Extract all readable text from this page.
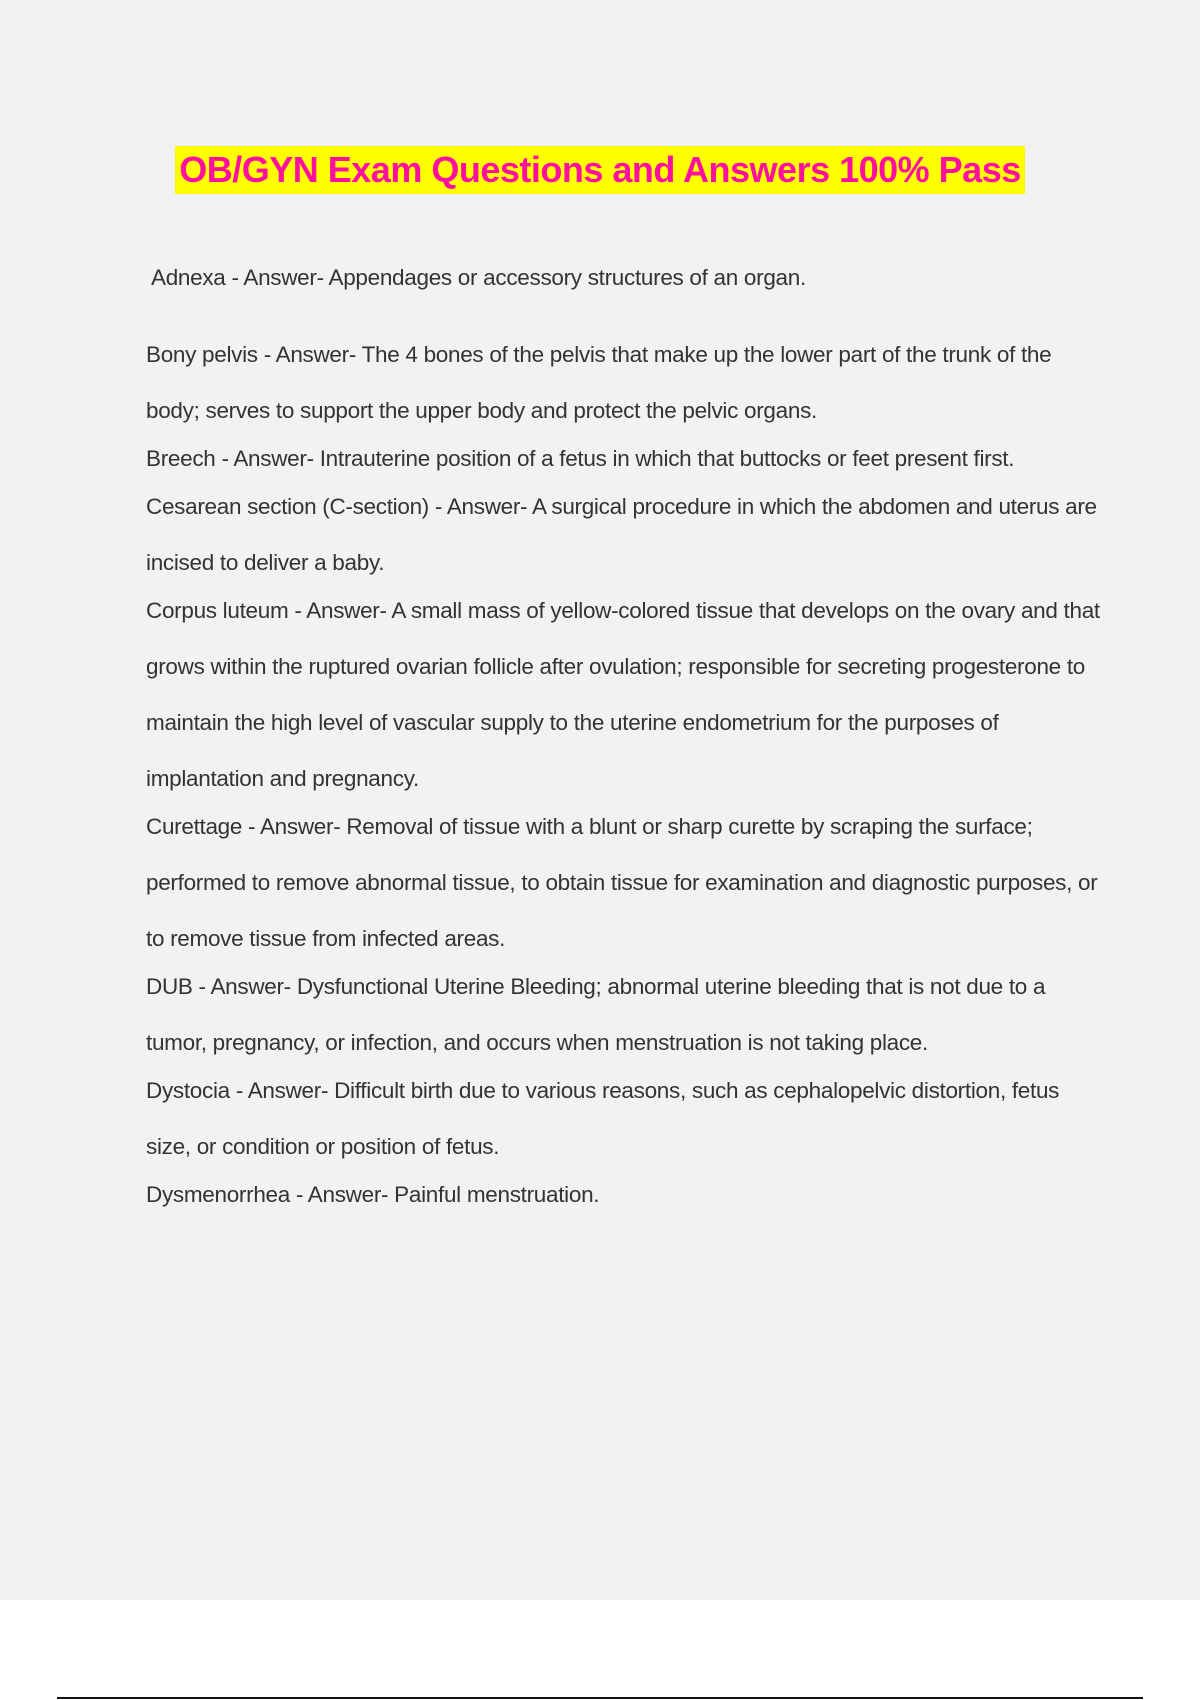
OB/GYN Exam Questions and Answers 100% Pass
Adnexa - Answer- Appendages or accessory structures of an organ.
Bony pelvis - Answer- The 4 bones of the pelvis that make up the lower part of the trunk of the body; serves to support the upper body and protect the pelvic organs.
Breech - Answer- Intrauterine position of a fetus in which that buttocks or feet present first.
Cesarean section (C-section) - Answer- A surgical procedure in which the abdomen and uterus are incised to deliver a baby.
Corpus luteum - Answer- A small mass of yellow-colored tissue that develops on the ovary and that grows within the ruptured ovarian follicle after ovulation; responsible for secreting progesterone to maintain the high level of vascular supply to the uterine endometrium for the purposes of implantation and pregnancy.
Curettage - Answer- Removal of tissue with a blunt or sharp curette by scraping the surface; performed to remove abnormal tissue, to obtain tissue for examination and diagnostic purposes, or to remove tissue from infected areas.
DUB - Answer- Dysfunctional Uterine Bleeding; abnormal uterine bleeding that is not due to a tumor, pregnancy, or infection, and occurs when menstruation is not taking place.
Dystocia - Answer- Difficult birth due to various reasons, such as cephalopelvic distortion, fetus size, or condition or position of fetus.
Dysmenorrhea - Answer- Painful menstruation.
